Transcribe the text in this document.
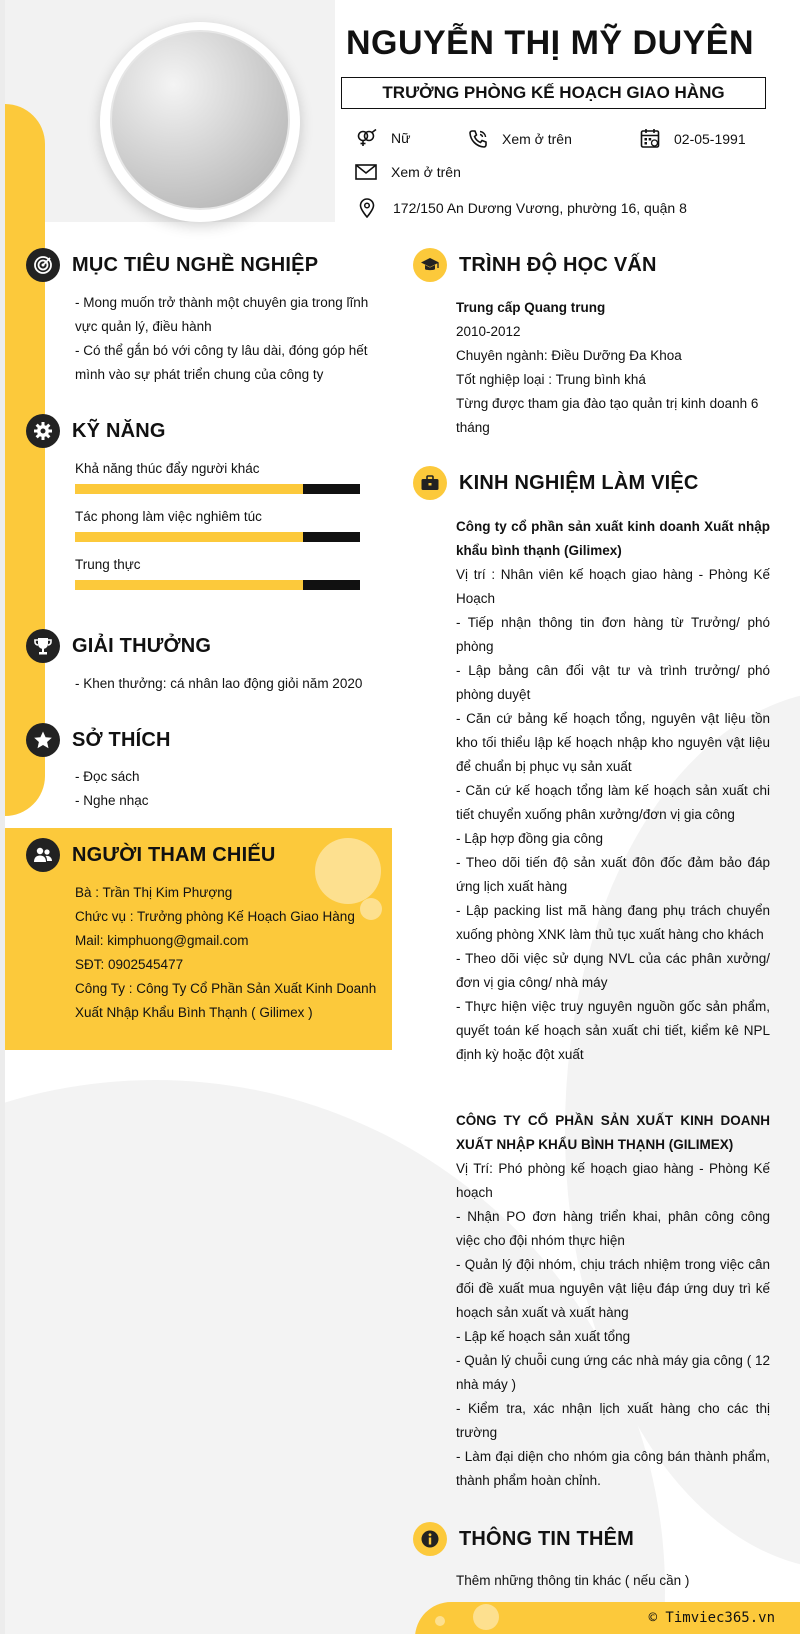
NGUYỄN THỊ MỸ DUYÊN
TRƯỞNG PHÒNG KẾ HOẠCH GIAO HÀNG
Nữ	Xem ở trên	02-05-1991
Xem ở trên
172/150 An Dương Vương, phường 16, quận 8
MỤC TIÊU NGHỀ NGHIỆP
- Mong muốn trở thành một chuyên gia trong lĩnh vực quản lý, điều hành
- Có thể gắn bó với công ty lâu dài, đóng góp hết mình vào sự phát triển chung của công ty
KỸ NĂNG
Khả năng thúc đẩy người khác
Tác phong làm việc nghiêm túc
Trung thực
GIẢI THƯỞNG
- Khen thưởng: cá nhân lao động giỏi năm 2020
SỞ THÍCH
- Đọc sách
- Nghe nhạc
NGƯỜI THAM CHIẾU
Bà : Trần Thị Kim Phượng
Chức vụ : Trưởng phòng Kế Hoạch Giao Hàng
Mail: kimphuong@gmail.com
SĐT: 0902545477
Công Ty : Công Ty Cổ Phần Sản Xuất Kinh Doanh Xuất Nhập Khẩu Bình Thạnh ( Gilimex )
TRÌNH ĐỘ HỌC VẤN
Trung cấp Quang trung
2010-2012
Chuyên ngành: Điều Dưỡng Đa Khoa
Tốt nghiệp loại : Trung bình khá
Từng được tham gia đào tạo quản trị kinh doanh 6 tháng
KINH NGHIỆM LÀM VIỆC
Công ty cổ phần sản xuất kinh doanh Xuất nhập khẩu bình thạnh (Gilimex)
Vị trí : Nhân viên kế hoạch giao hàng - Phòng Kế Hoạch
- Tiếp nhận thông tin đơn hàng từ Trưởng/ phó phòng
- Lập bảng cân đối vật tư và trình trưởng/ phó phòng duyệt
- Căn cứ bảng kế hoạch tổng, nguyên vật liệu tồn kho tối thiểu lập kế hoạch nhập kho nguyên vật liệu để chuẩn bị phục vụ sản xuất
- Căn cứ kế hoạch tổng làm kế hoạch sản xuất chi tiết chuyển xuống phân xưởng/đơn vị gia công
- Lập hợp đồng gia công
- Theo dõi tiến độ sản xuất đôn đốc đảm bảo đáp ứng lịch xuất hàng
- Lập packing list mã hàng đang phụ trách chuyển xuống phòng XNK làm thủ tục xuất hàng cho khách
- Theo dõi việc sử dụng NVL của các phân xưởng/ đơn vị gia công/ nhà máy
- Thực hiện việc truy nguyên nguồn gốc sản phẩm, quyết toán kế hoạch sản xuất chi tiết, kiểm kê NPL định kỳ hoặc đột xuất
CÔNG TY CỔ PHẦN SẢN XUẤT KINH DOANH XUẤT NHẬP KHẨU BÌNH THẠNH (GILIMEX)
Vị Trí: Phó phòng kế hoạch giao hàng - Phòng Kế hoạch
- Nhận PO đơn hàng triển khai, phân công công việc cho đội nhóm thực hiện
- Quản lý đội nhóm, chịu trách nhiệm trong việc cân đối đề xuất mua nguyên vật liệu đáp ứng duy trì kế hoạch sản xuất và xuất hàng
- Lập kế hoạch sản xuất tổng
- Quản lý chuỗi cung ứng các nhà máy gia công ( 12 nhà máy )
- Kiểm tra, xác nhận lịch xuất hàng cho các thị trường
- Làm đại diện cho nhóm gia công bán thành phẩm, thành phẩm hoàn chỉnh.
THÔNG TIN THÊM
Thêm những thông tin khác ( nếu cần )
© Timviec365.vn
